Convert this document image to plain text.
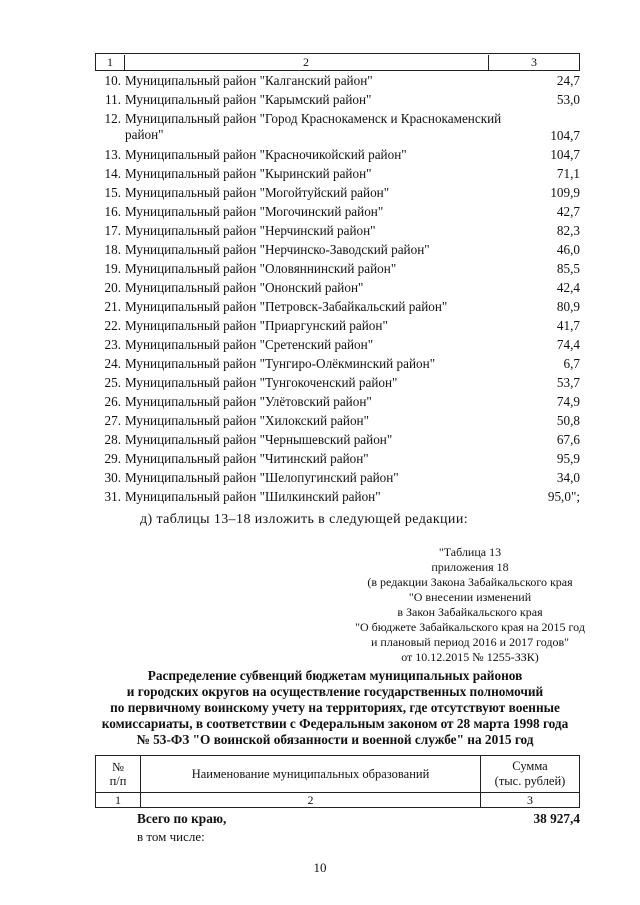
1	2	3
10. Муниципальный район "Калганский район"	24,7
11. Муниципальный район "Карымский район"	53,0
12. Муниципальный район "Город Краснокаменск и Краснокаменский район"	104,7
13. Муниципальный район "Красночикойский район"	104,7
14. Муниципальный район "Кыринский район"	71,1
15. Муниципальный район "Могойтуйский район"	109,9
16. Муниципальный район "Могочинский район"	42,7
17. Муниципальный район "Нерчинский район"	82,3
18. Муниципальный район "Нерчинско-Заводский район"	46,0
19. Муниципальный район "Оловяннинский район"	85,5
20. Муниципальный район "Ононский район"	42,4
21. Муниципальный район "Петровск-Забайкальский район"	80,9
22. Муниципальный район "Приаргунский район"	41,7
23. Муниципальный район "Сретенский район"	74,4
24. Муниципальный район "Тунгиро-Олёкминский район"	6,7
25. Муниципальный район "Тунгокоченский район"	53,7
26. Муниципальный район "Улётовский район"	74,9
27. Муниципальный район "Хилокский район"	50,8
28. Муниципальный район "Чернышевский район"	67,6
29. Муниципальный район "Читинский район"	95,9
30. Муниципальный район "Шелопугинский район"	34,0
31. Муниципальный район "Шилкинский район"	95,0";
д) таблицы 13–18 изложить в следующей редакции:
"Таблица 13
приложения 18
(в редакции Закона Забайкальского края
"О внесении изменений
в Закон Забайкальского края
"О бюджете Забайкальского края на 2015 год
и плановый период 2016 и 2017 годов"
от 10.12.2015 № 1255-ЗЗК)
Распределение субвенций бюджетам муниципальных районов
и городских округов на осуществление государственных полномочий
по первичному воинскому учету на территориях, где отсутствуют военные
комиссариаты, в соответствии с Федеральным законом от 28 марта 1998 года
№ 53-ФЗ "О воинской обязанности и военной службе" на 2015 год
№
п/п	Наименование муниципальных образований	Сумма
(тыс. рублей)
1	2	3
Всего по краю,	38 927,4
в том числе:
10
